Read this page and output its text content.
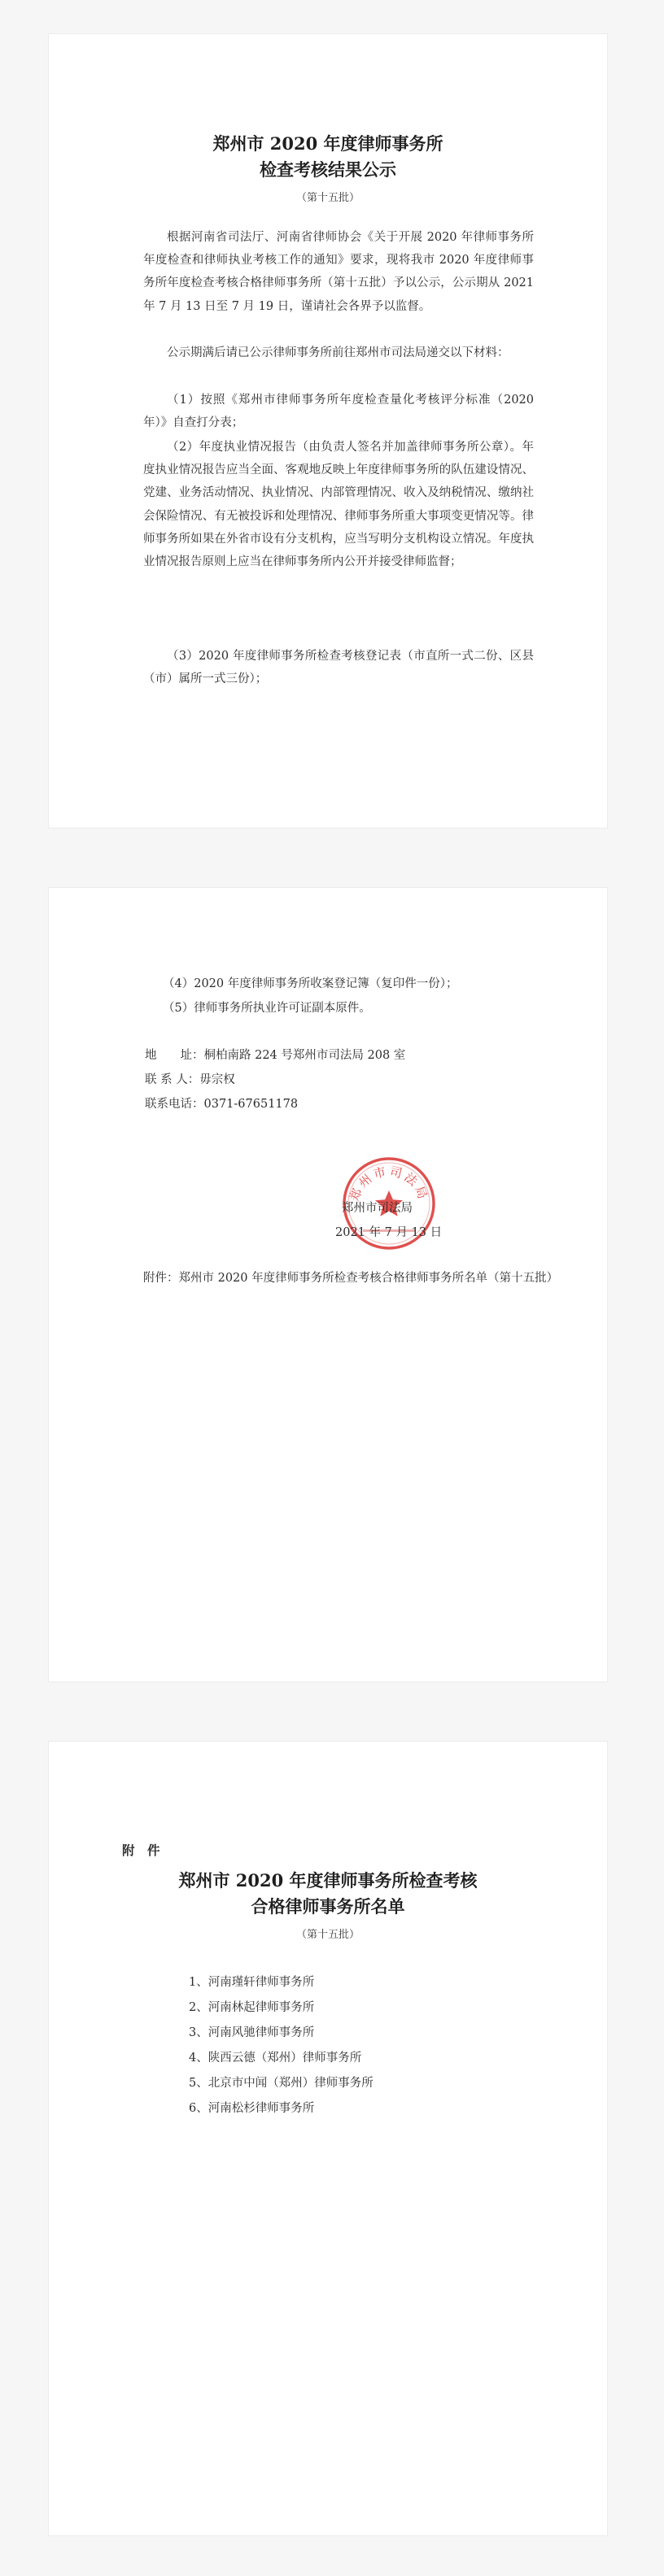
郑州市 2020 年度律师事务所
检查考核结果公示
（第十五批）

根据河南省司法厅、河南省律师协会《关于开展 2020 年律师事务所年度检查和律师执业考核工作的通知》要求，现将我市 2020 年度律师事务所年度检查考核合格律师事务所（第十五批）予以公示，公示期从 2021 年 7 月 13 日至 7 月 19 日，谨请社会各界予以监督。

公示期满后请已公示律师事务所前往郑州市司法局递交以下材料：

（1）按照《郑州市律师事务所年度检查量化考核评分标准（2020 年）》自查打分表；

（2）年度执业情况报告（由负责人签名并加盖律师事务所公章）。年度执业情况报告应当全面、客观地反映上年度律师事务所的队伍建设情况、党建、业务活动情况、执业情况、内部管理情况、收入及纳税情况、缴纳社会保险情况、有无被投诉和处理情况、律师事务所重大事项变更情况等。律师事务所如果在外省市设有分支机构，应当写明分支机构设立情况。年度执业情况报告原则上应当在律师事务所内公开并接受律师监督；

（3）2020 年度律师事务所检查考核登记表（市直所一式二份、区县（市）属所一式三份）；

（4）2020 年度律师事务所收案登记簿（复印件一份）；
（5）律师事务所执业许可证副本原件。
地　　址：桐柏南路 224 号郑州市司法局 208 室
联 系 人：毋宗权
联系电话：0371-67651178
郑州市司法局
郑州市司法局
2021 年 7 月 13 日

附件：郑州市 2020 年度律师事务所检查考核合格律师事务所名单（第十五批）

附　件
郑州市 2020 年度律师事务所检查考核
合格律师事务所名单
（第十五批）
1、河南瑾轩律师事务所
2、河南林起律师事务所
3、河南风驰律师事务所
4、陕西云德（郑州）律师事务所
5、北京市中闻（郑州）律师事务所
6、河南松杉律师事务所
